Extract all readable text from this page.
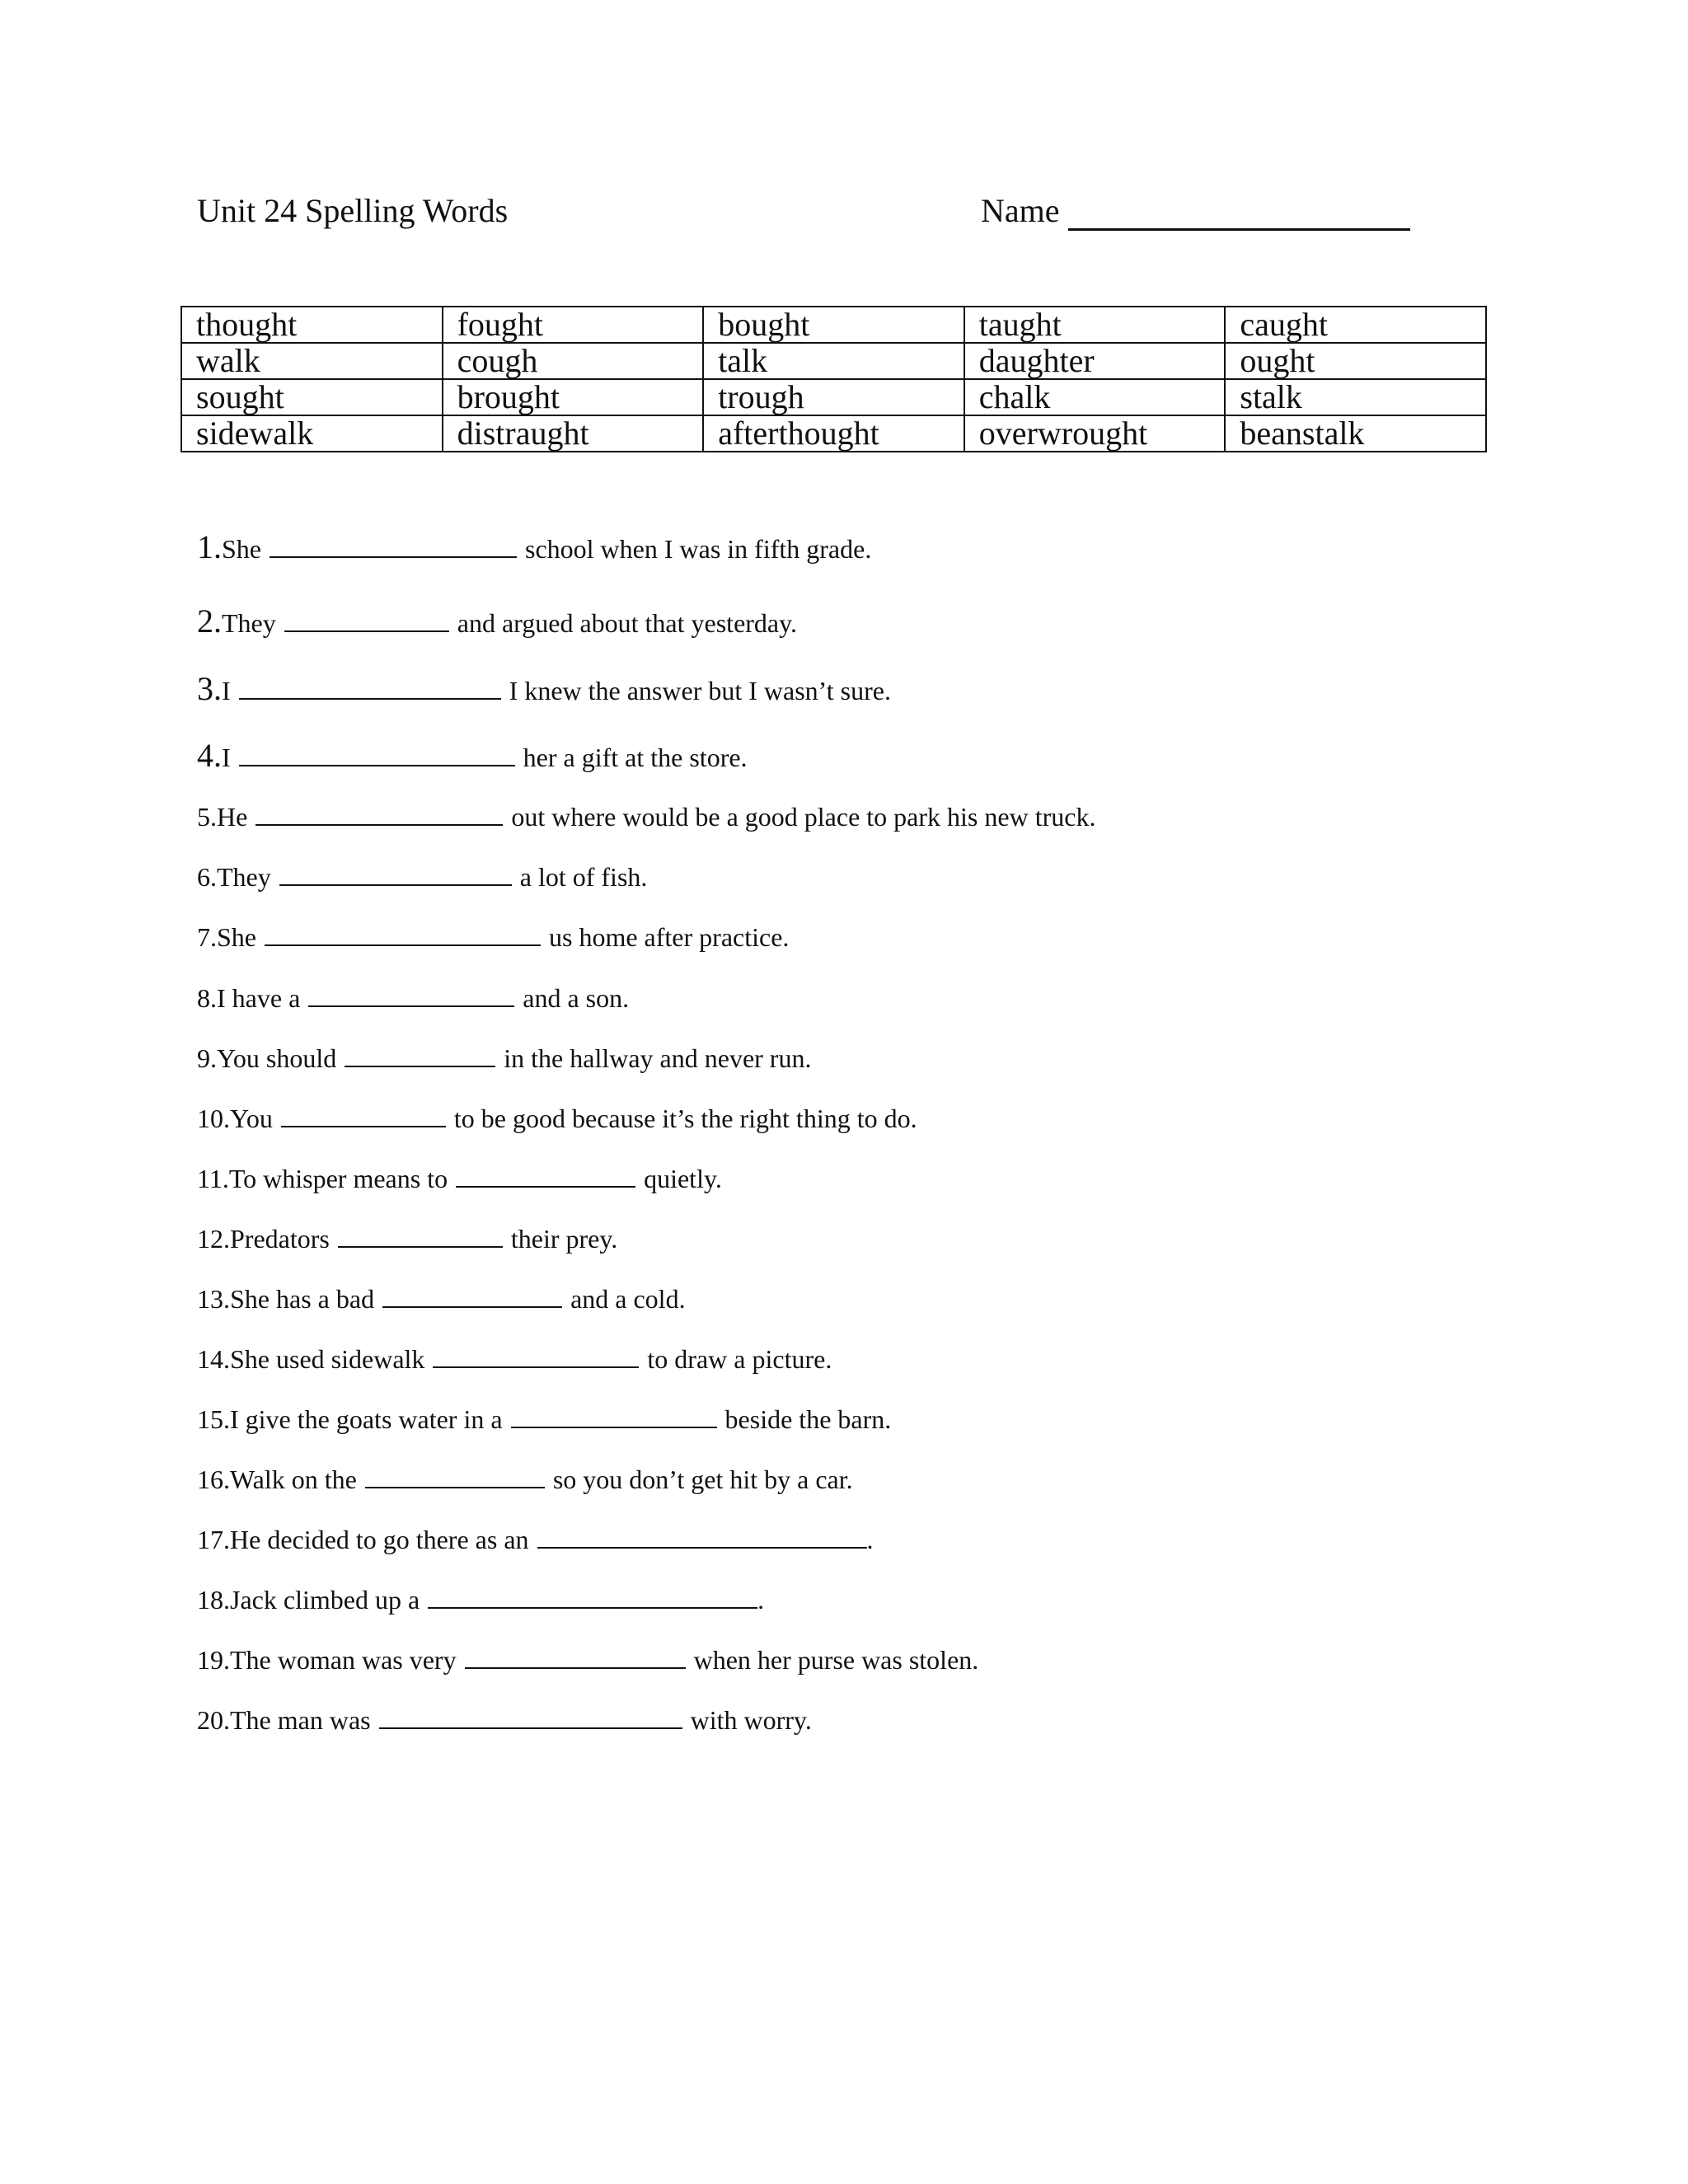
Unit 24 Spelling Words	Name
thought	fought	bought	taught	caught
walk	cough	talk	daughter	ought
sought	brought	trough	chalk	stalk
sidewalk	distraught	afterthought	overwrought	beanstalk
1.She	school when I was in fifth grade.
2.They	and argued about that yesterday.
3.I	I knew the answer but I wasn’t sure.
4.I	her a gift at the store.
5.He	out where would be a good place to park his new truck.
6.They	a lot of fish.
7.She	us home after practice.
8.I have a	and a son.
9.You should	in the hallway and never run.
10.You	to be good because it’s the right thing to do.
11.To whisper means to	quietly.
12.Predators	their prey.
13.She has a bad	and a cold.
14.She used sidewalk	to draw a picture.
15.I give the goats water in a	beside the barn.
16.Walk on the	so you don’t get hit by a car.
17.He decided to go there as an	.
18.Jack climbed up a	.
19.The woman was very	when her purse was stolen.
20.The man was	with worry.
